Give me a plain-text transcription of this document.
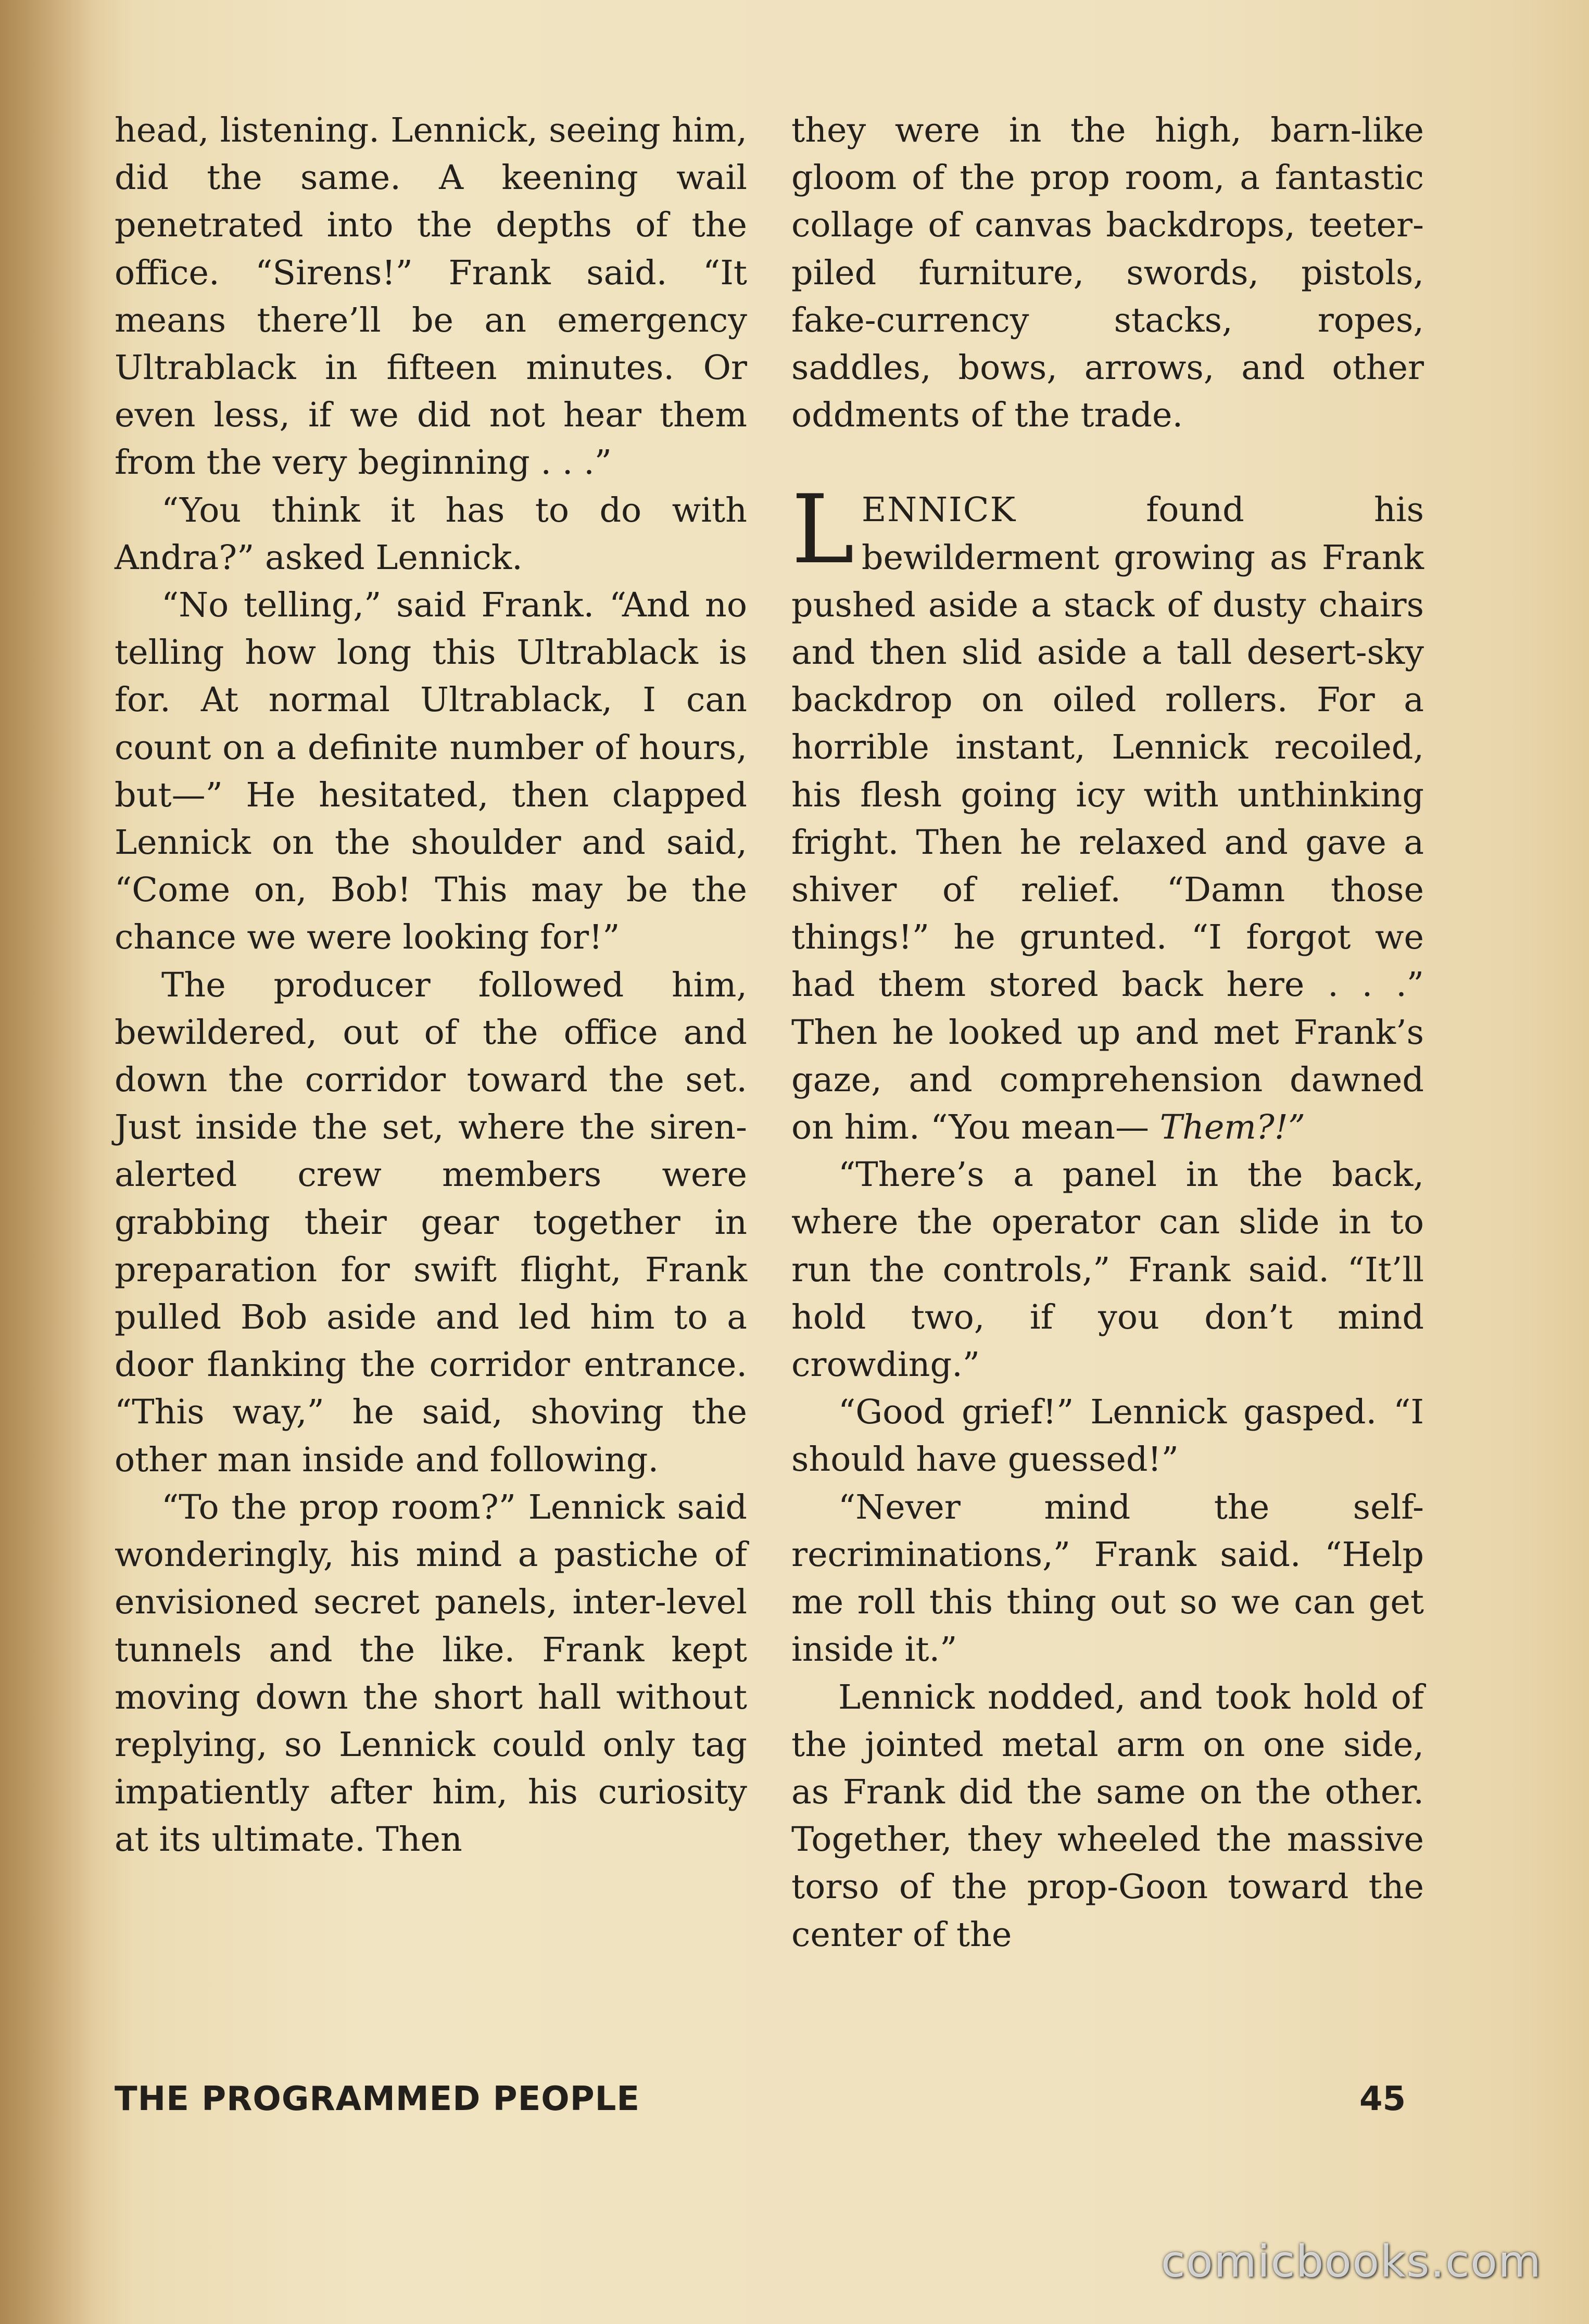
head, listening. Lennick, seeing him, did the same. A keening wail penetrated into the depths of the office. “Sirens!” Frank said. “It means there’ll be an emergency Ultrablack in fifteen minutes. Or even less, if we did not hear them from the very beginning . . .”

“You think it has to do with Andra?” asked Lennick.

“No telling,” said Frank. “And no telling how long this Ultrablack is for. At normal Ultrablack, I can count on a definite number of hours, but—” He hesitated, then clapped Lennick on the shoulder and said, “Come on, Bob! This may be the chance we were looking for!”

The producer followed him, bewildered, out of the office and down the corridor toward the set. Just inside the set, where the siren-alerted crew members were grabbing their gear together in preparation for swift flight, Frank pulled Bob aside and led him to a door flanking the corridor entrance. “This way,” he said, shoving the other man inside and following.

“To the prop room?” Lennick said wonderingly, his mind a pastiche of envisioned secret panels, inter-level tunnels and the like. Frank kept moving down the short hall without replying, so Lennick could only tag impatiently after him, his curiosity at its ultimate. Then

they were in the high, barn-like gloom of the prop room, a fantastic collage of canvas backdrops, teeter-piled furniture, swords, pistols, fake-currency stacks, ropes, saddles, bows, arrows, and other oddments of the trade.

LENNICK found his bewilderment growing as Frank pushed aside a stack of dusty chairs and then slid aside a tall desert-sky backdrop on oiled rollers. For a horrible instant, Lennick recoiled, his flesh going icy with unthinking fright. Then he relaxed and gave a shiver of relief. “Damn those things!” he grunted. “I forgot we had them stored back here . . .” Then he looked up and met Frank’s gaze, and comprehension dawned on him. “You mean— Them?!”

“There’s a panel in the back, where the operator can slide in to run the controls,” Frank said. “It’ll hold two, if you don’t mind crowding.”

“Good grief!” Lennick gasped. “I should have guessed!”

“Never mind the self-recriminations,” Frank said. “Help me roll this thing out so we can get inside it.”

Lennick nodded, and took hold of the jointed metal arm on one side, as Frank did the same on the other. Together, they wheeled the massive torso of the prop-Goon toward the center of the

THE PROGRAMMED PEOPLE	45
comicbooks.com
